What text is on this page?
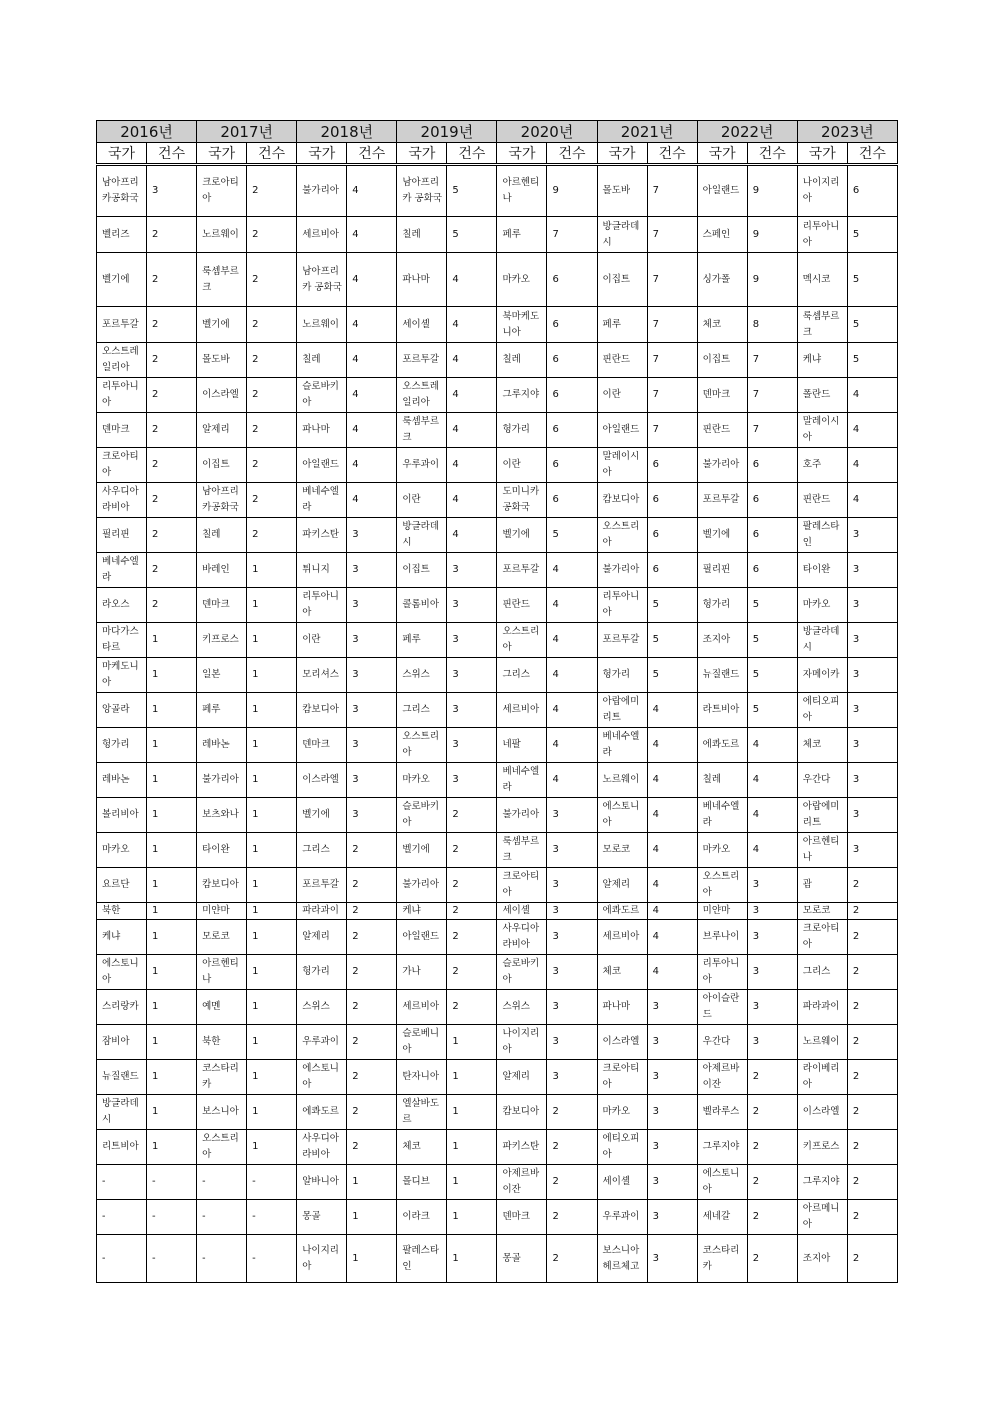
2016년		2017년		2018년		2019년		2020년		2021년		2022년		2023년	
국가	건수	국가	건수	국가	건수	국가	건수	국가	건수	국가	건수	국가	건수	국가	건수
남아프리카공화국	3	크로아티아	2	불가리아	4	남아프리카 공화국	5	아르헨티나	9	몰도바	7	아일랜드	9	나이지리아	6
벨리즈	2	노르웨이	2	세르비아	4	칠레	5	페루	7	방글라데시	7	스페인	9	리투아니아	5
벨기에	2	룩셈부르크	2	남아프리카 공화국	4	파나마	4	마카오	6	이집트	7	싱가폴	9	멕시코	5
포르투갈	2	벨기에	2	노르웨이	4	세이셸	4	북마케도니아	6	페루	7	체코	8	룩셈부르크	5
오스트레일리아	2	몰도바	2	칠레	4	포르투갈	4	칠레	6	핀란드	7	이집트	7	케냐	5
리투아니아	2	이스라엘	2	슬로바키아	4	오스트레일리아	4	그루지야	6	이란	7	덴마크	7	폴란드	4
덴마크	2	알제리	2	파나마	4	룩셈부르크	4	헝가리	6	아일랜드	7	핀란드	7	말레이시아	4
크로아티아	2	이집트	2	아일랜드	4	우루과이	4	이란	6	말레이시아	6	불가리아	6	호주	4
사우디아라비아	2	남아프리카공화국	2	베네수엘라	4	이란	4	도미니카공화국	6	캄보디아	6	포르투갈	6	핀란드	4
필리핀	2	칠레	2	파키스탄	3	방글라데시	4	벨기에	5	오스트리아	6	벨기에	6	팔레스타인	3
베네수엘라	2	바레인	1	튀니지	3	이집트	3	포르투갈	4	불가리아	6	필리핀	6	타이완	3
라오스	2	덴마크	1	리투아니아	3	콜롬비아	3	핀란드	4	리투아니아	5	헝가리	5	마카오	3
마다가스타르	1	키프로스	1	이란	3	페루	3	오스트리아	4	포르투갈	5	조지아	5	방글라데시	3
마케도니아	1	일본	1	모리셔스	3	스위스	3	그리스	4	헝가리	5	뉴질랜드	5	자메이카	3
앙골라	1	페루	1	캄보디아	3	그리스	3	세르비아	4	아랍에미리트	4	라트비아	5	에티오피아	3
헝가리	1	레바논	1	덴마크	3	오스트리아	3	네팔	4	베네수엘라	4	에콰도르	4	체코	3
레바논	1	불가리아	1	이스라엘	3	마카오	3	베네수엘라	4	노르웨이	4	칠레	4	우간다	3
볼리비아	1	보츠와나	1	벨기에	3	슬로바키아	2	불가리아	3	에스토니아	4	베네수엘라	4	아랍에미리트	3
마카오	1	타이완	1	그리스	2	벨기에	2	룩셈부르크	3	모로코	4	마카오	4	아르헨티나	3
요르단	1	캄보디아	1	포르투갈	2	불가리아	2	크로아티아	3	알제리	4	오스트리아	3	괌	2
북한	1	미얀마	1	파라과이	2	케냐	2	세이셸	3	에콰도르	4	미얀마	3	모로코	2
케냐	1	모로코	1	알제리	2	아일랜드	2	사우디아라비아	3	세르비아	4	브루나이	3	크로아티아	2
에스토니아	1	아르헨티나	1	헝가리	2	가나	2	슬로바키아	3	체코	4	리투아니아	3	그리스	2
스리랑카	1	예멘	1	스위스	2	세르비아	2	스위스	3	파나마	3	아이슬란드	3	파라과이	2
잠비아	1	북한	1	우루과이	2	슬로베니아	1	나이지리아	3	이스라엘	3	우간다	3	노르웨이	2
뉴질랜드	1	코스타리카	1	에스토니아	2	탄자니아	1	알제리	3	크로아티아	3	아제르바이잔	2	라이베리아	2
방글라데시	1	보스니아	1	에콰도르	2	엘살바도르	1	캄보디아	2	마카오	3	벨라루스	2	이스라엘	2
리트비아	1	오스트리아	1	사우디아라비아	2	체코	1	파키스탄	2	에티오피아	3	그루지야	2	키프로스	2
-	-	-	-	알바니아	1	몰디브	1	아제르바이잔	2	세이셸	3	에스토니아	2	그루지야	2
-	-	-	-	몽골	1	이라크	1	덴마크	2	우루과이	3	세네갈	2	아르메니아	2
-	-	-	-	나이지리아	1	팔레스타인	1	몽골	2	보스니아 헤르체고	3	코스타리카	2	조지아	2
